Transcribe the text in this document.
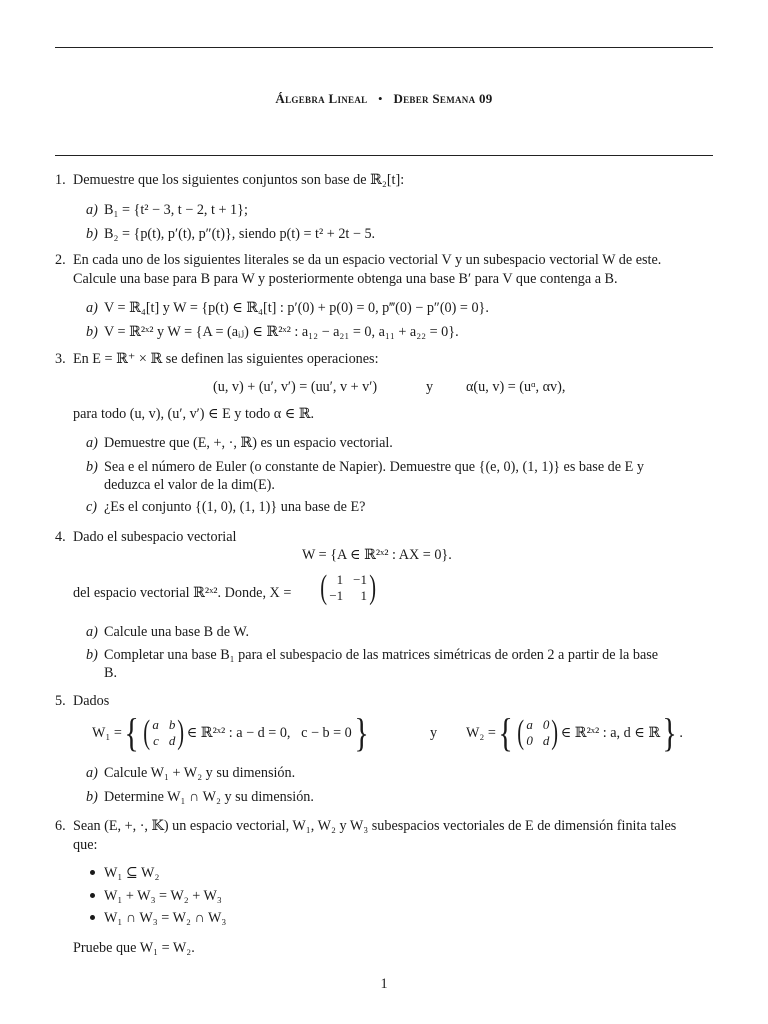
Álgebra Lineal • Deber Semana 09
1. Demuestre que los siguientes conjuntos son base de ℝ₂[t]:
a) B₁ = {t² − 3, t − 2, t + 1};
b) B₂ = {p(t), p′(t), p″(t)}, siendo p(t) = t² + 2t − 5.
2. En cada uno de los siguientes literales se da un espacio vectorial V y un subespacio vectorial W de este.
Calcule una base para B para W y posteriormente obtenga una base B′ para V que contenga a B.
a) V = ℝ₄[t] y W = {p(t) ∈ ℝ₄[t] : p′(0) + p(0) = 0, p‴(0) − p″(0) = 0}.
b) V = ℝ²ˣ² y W = {A = (aᵢⱼ) ∈ ℝ²ˣ² : a₁₂ − a₂₁ = 0, a₁₁ + a₂₂ = 0}.
3. En E = ℝ⁺ × ℝ se definen las siguientes operaciones:
(u, v) + (u′, v′) = (uu′, v + v′)	y α(u, v) = (uᵅ, αv),
para todo (u, v), (u′, v′) ∈ E y todo α ∈ ℝ.
a) Demuestre que (E, +, ·, ℝ) es un espacio vectorial.
b) Sea e el número de Euler (o constante de Napier). Demuestre que {(e, 0), (1, 1)} es base de E y
deduzca el valor de la dim(E).
c) ¿Es el conjunto {(1, 0), (1, 1)} una base de E?
4. Dado el subespacio vectorial
W = {A ∈ ℝ²ˣ² : AX = 0}.
del espacio vectorial ℝ²ˣ². Donde, X = ( 1 −1
−1	1 )
a) Calcule una base B de W.
b) Completar una base B₁ para el subespacio de las matrices simétricas de orden 2 a partir de la base
B.
5. Dados
W₁ = { ( a b
c d ) ∈ ℝ²ˣ² : a − d = 0,   c − b = 0 }	y W₂ = { ( a 0
0 d ) ∈ ℝ²ˣ² : a, d ∈ ℝ } .
a) Calcule W₁ + W₂ y su dimensión.
b) Determine W₁ ∩ W₂ y su dimensión.
6. Sean (E, +, ·, 𝕂) un espacio vectorial, W₁, W₂ y W₃ subespacios vectoriales de E de dimensión finita tales
que:
W₁ ⊆ W₂
W₁ + W₃ = W₂ + W₃
W₁ ∩ W₃ = W₂ ∩ W₃
Pruebe que W₁ = W₂.
1
